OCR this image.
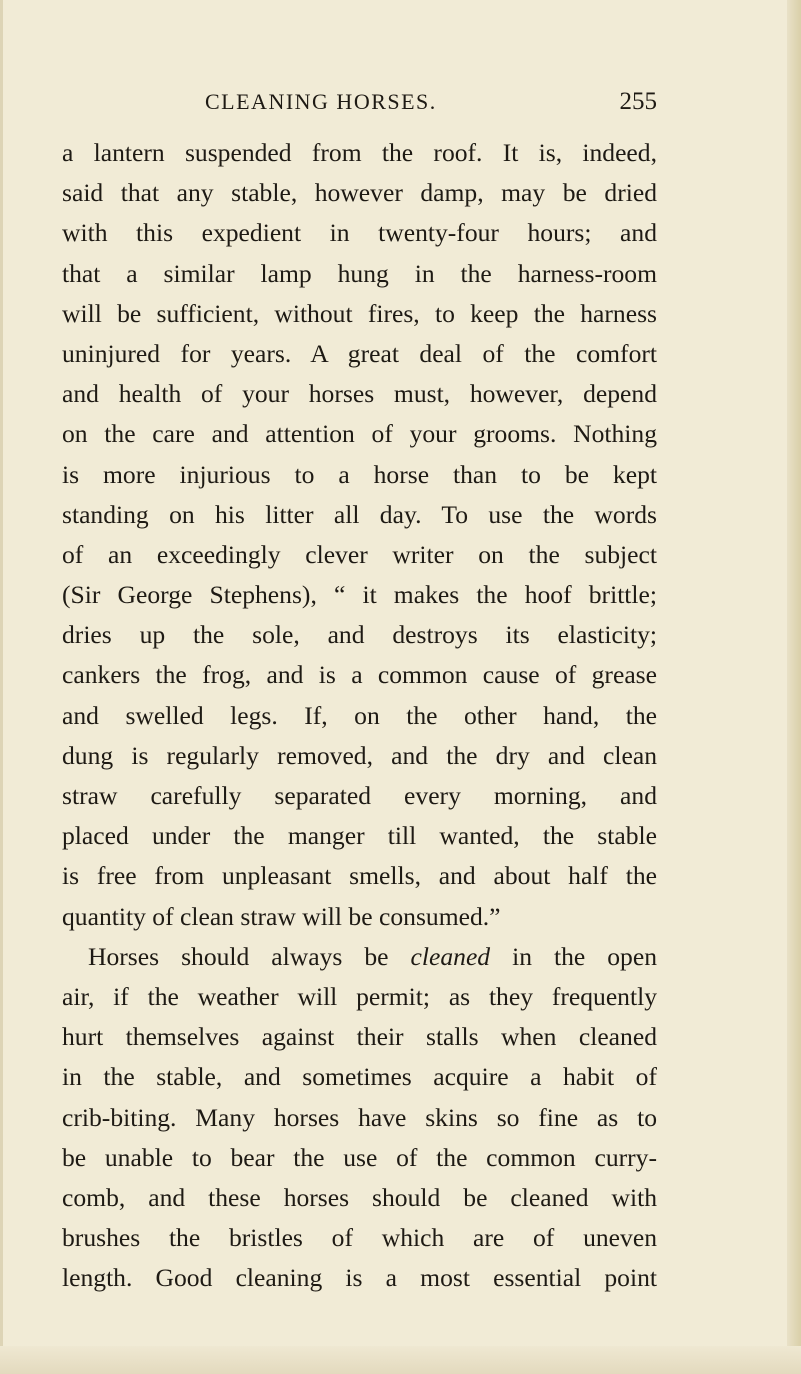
CLEANING HORSES.	255
a lantern suspended from the roof. It is, indeed,
said that any stable, however damp, may be dried
with this expedient in twenty-four hours; and
that a similar lamp hung in the harness-room
will be sufficient, without fires, to keep the harness
uninjured for years. A great deal of the comfort
and health of your horses must, however, depend
on the care and attention of your grooms. Nothing
is more injurious to a horse than to be kept
standing on his litter all day. To use the words
of an exceedingly clever writer on the subject
(Sir George Stephens), “ it makes the hoof brittle;
dries up the sole, and destroys its elasticity;
cankers the frog, and is a common cause of grease
and swelled legs. If, on the other hand, the
dung is regularly removed, and the dry and clean
straw carefully separated every morning, and
placed under the manger till wanted, the stable
is free from unpleasant smells, and about half the
quantity of clean straw will be consumed.”
Horses should always be cleaned in the open
air, if the weather will permit; as they frequently
hurt themselves against their stalls when cleaned
in the stable, and sometimes acquire a habit of
crib-biting. Many horses have skins so fine as to
be unable to bear the use of the common curry-
comb, and these horses should be cleaned with
brushes the bristles of which are of uneven
length. Good cleaning is a most essential point
